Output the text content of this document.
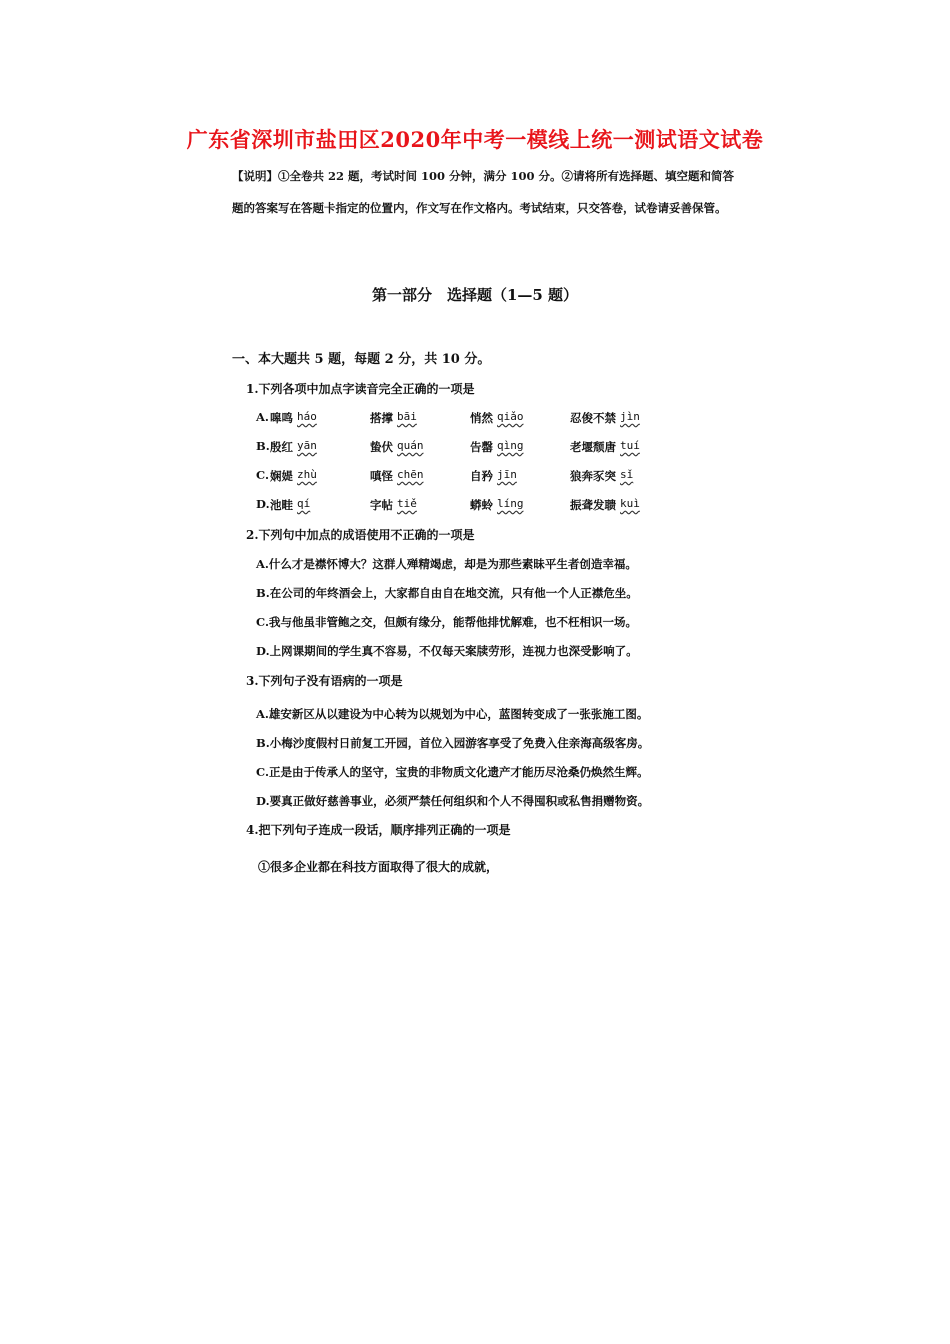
广东省深圳市盐田区2020年中考一模线上统一测试语文试卷
【说明】①全卷共 22 题，考试时间 100 分钟，满分 100 分。②请将所有选择题、填空题和简答题的答案写在答题卡指定的位置内，作文写在作文格内。考试结束，只交答卷，试卷请妥善保管。
第一部分　选择题（1—5 题）
一、本大题共 5 题，每题 2 分，共 10 分。
1.下列各项中加点字读音完全正确的一项是
A. 嗥鸣 háo	搭撑 bāi	悄然 qiǎo	忍俊不禁 jìn
B. 殷红 yān	蛰伏 quán	告罄 qìng	老堰颓唐 tuí
C. 娴媞 zhù	嗔怪 chēn	自矜 jīn	狼奔豕突 sǐ
D. 池畦 qí	字帖 tiě	蟒蛉 líng	振聋发聩 kuì
2.下列句中加点的成语使用不正确的一项是
A.什么才是襟怀博大？这群人殚精竭虑，却是为那些素昧平生者创造幸福。
B.在公司的年终酒会上，大家都自由自在地交流，只有他一个人正襟危坐。
C.我与他虽非管鲍之交，但颇有缘分，能帮他排忧解难，也不枉相识一场。
D.上网课期间的学生真不容易，不仅每天案牍劳形，连视力也深受影响了。
3.下列句子没有语病的一项是
A.雄安新区从以建设为中心转为以规划为中心，蓝图转变成了一张张施工图。
B.小梅沙度假村日前复工开园，首位入园游客享受了免费入住亲海高级客房。
C.正是由于传承人的坚守，宝贵的非物质文化遗产才能历尽沧桑仍焕然生辉。
D.要真正做好慈善事业，必须严禁任何组织和个人不得囤积或私售捐赠物资。
4.把下列句子连成一段话，顺序排列正确的一项是
①很多企业都在科技方面取得了很大的成就，
